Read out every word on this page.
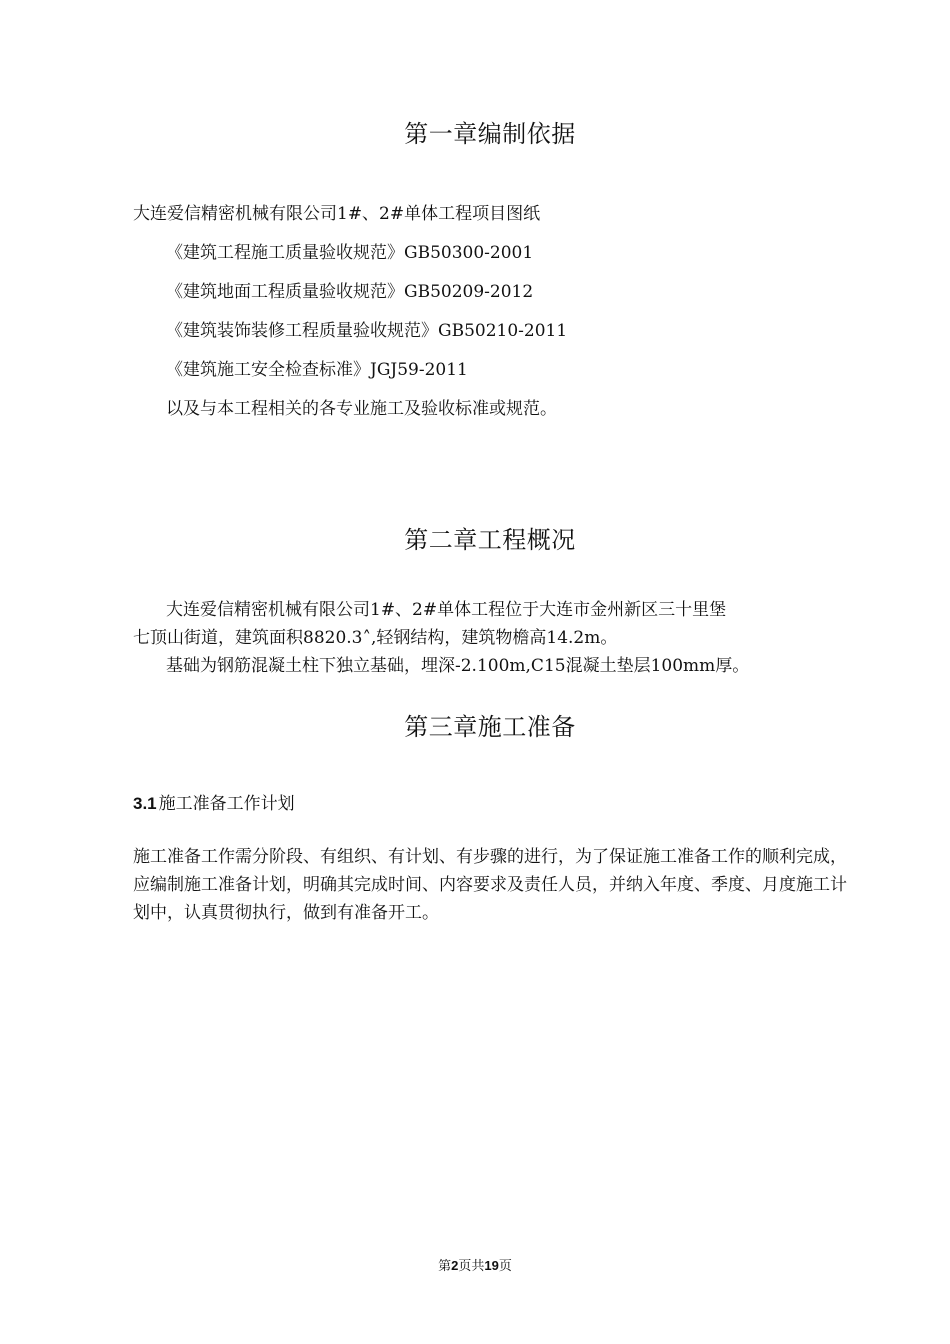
第一章编制依据

大连爱信精密机械有限公司1#、2#单体工程项目图纸

《建筑工程施工质量验收规范》GB50300-2001

《建筑地面工程质量验收规范》GB50209-2012

《建筑装饰装修工程质量验收规范》GB50210-2011

《建筑施工安全检查标准》JGJ59-2011

以及与本工程相关的各专业施工及验收标准或规范。

第二章工程概况

大连爱信精密机械有限公司1#、2#单体工程位于大连市金州新区三十里堡

七顶山街道，建筑面积8820.3˄,轻钢结构，建筑物檐高14.2m。

基础为钢筋混凝土柱下独立基础，埋深-2.100m,C15混凝土垫层100mm厚。

第三章施工准备

3.1 施工准备工作计划

施工准备工作需分阶段、有组织、有计划、有步骤的进行，为了保证施工准备工作的顺利完成，应编制施工准备计划，明确其完成时间、内容要求及责任人员，并纳入年度、季度、月度施工计划中，认真贯彻执行，做到有准备开工。

第2页共19页
